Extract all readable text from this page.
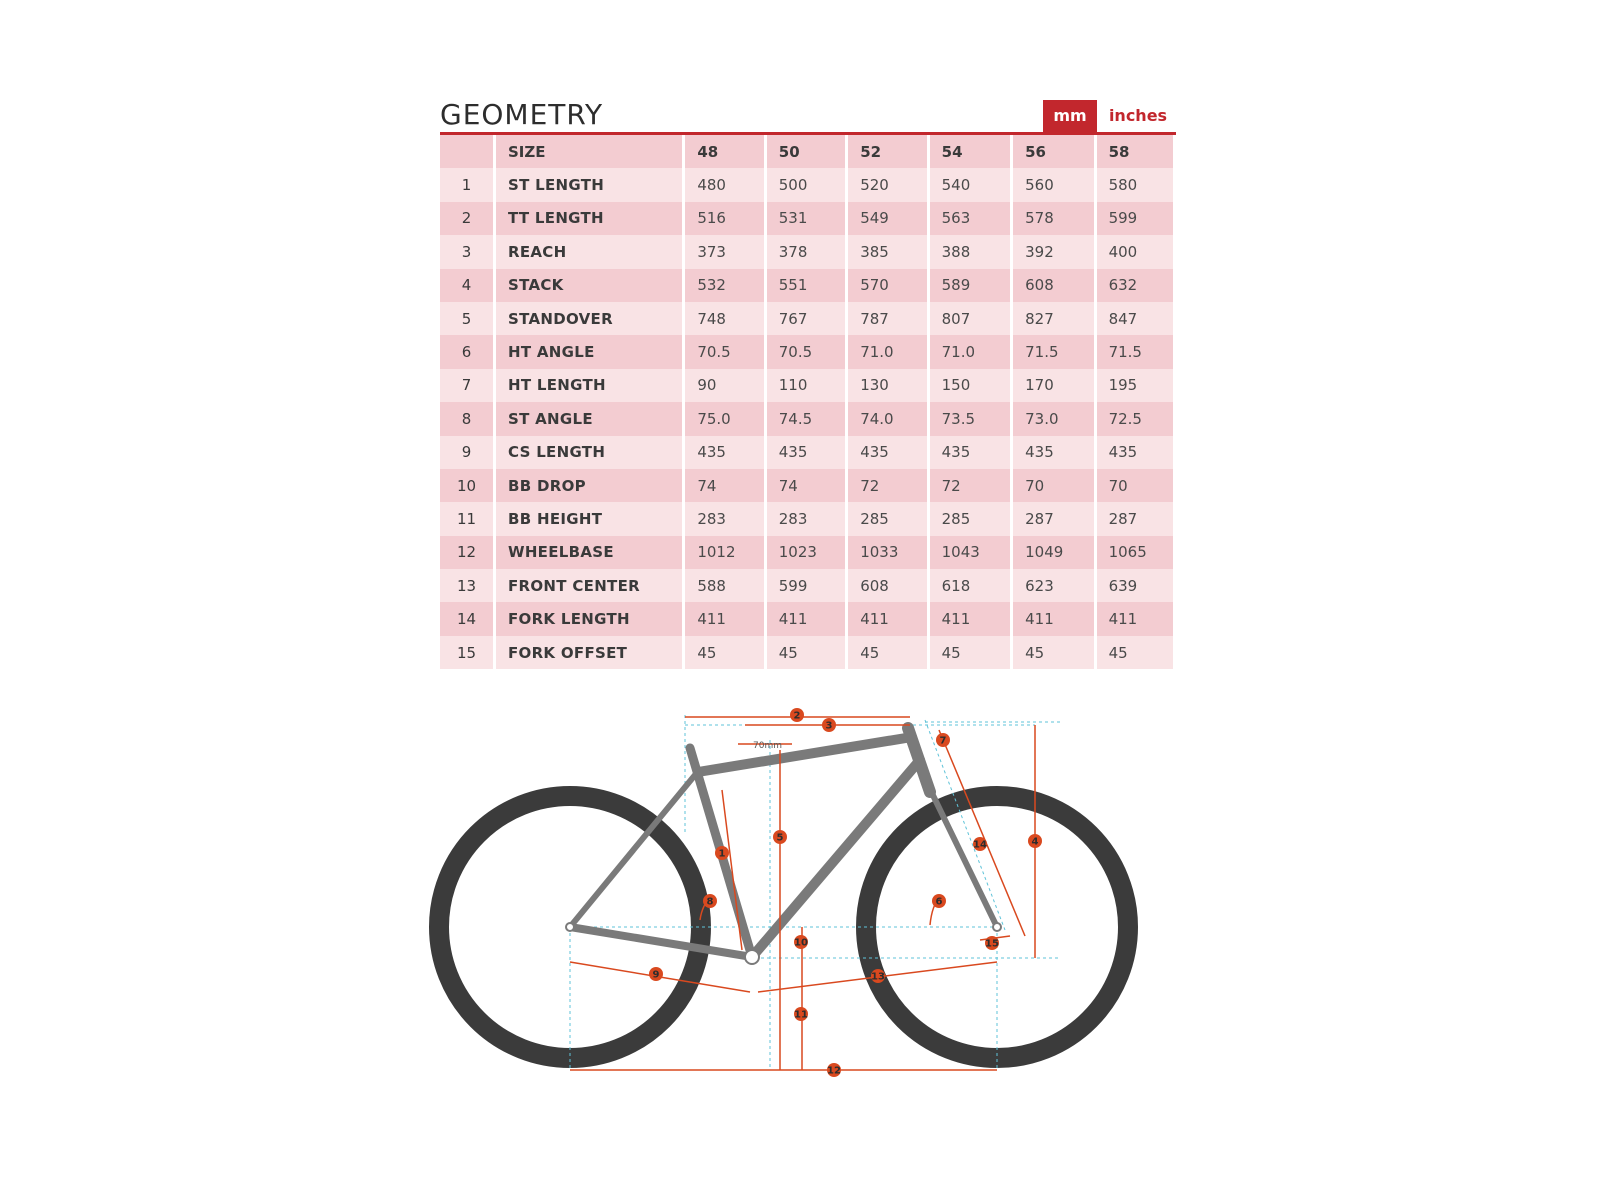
GEOMETRY	mm	inches
	SIZE	48	50	52	54	56	58
1	ST LENGTH	480	500	520	540	560	580
2	TT LENGTH	516	531	549	563	578	599
3	REACH	373	378	385	388	392	400
4	STACK	532	551	570	589	608	632
5	STANDOVER	748	767	787	807	827	847
6	HT ANGLE	70.5	70.5	71.0	71.0	71.5	71.5
7	HT LENGTH	90	110	130	150	170	195
8	ST ANGLE	75.0	74.5	74.0	73.5	73.0	72.5
9	CS LENGTH	435	435	435	435	435	435
10	BB DROP	74	74	72	72	70	70
11	BB HEIGHT	283	283	285	285	287	287
12	WHEELBASE	1012	1023	1033	1043	1049	1065
13	FRONT CENTER	588	599	608	618	623	639
14	FORK LENGTH	411	411	411	411	411	411
15	FORK OFFSET	45	45	45	45	45	45
1
2
3
4
5
6
7
8
9
10
11
12
13
14
15
70mm
